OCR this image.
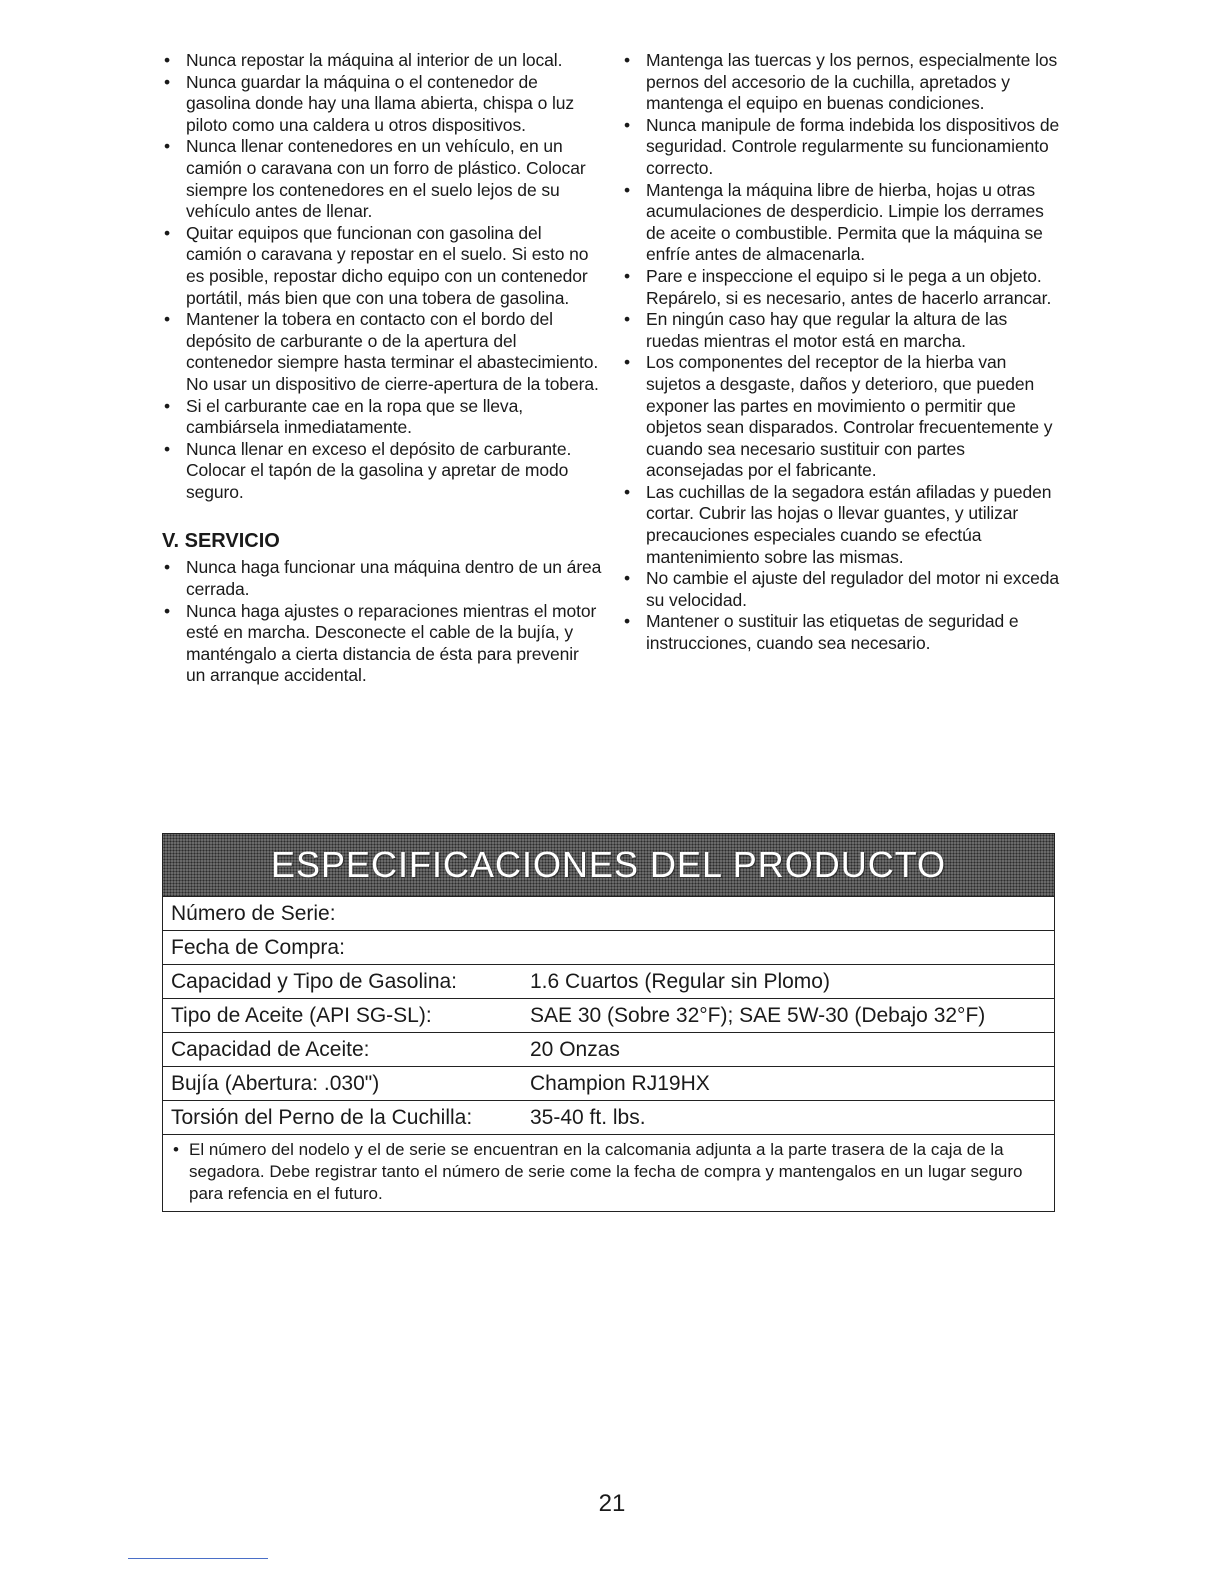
• Nunca repostar la máquina al interior de un local.
• Nunca guardar la máquina o el contenedor de gasolina donde hay una llama abierta, chispa o luz piloto como una caldera u otros dispositivos.
• Nunca llenar contenedores en un vehículo, en un camión o caravana con un forro de plástico. Colocar siempre los contenedores en el suelo lejos de su vehículo antes de llenar.
• Quitar equipos que funcionan con gasolina del camión o caravana y repostar en el suelo. Si esto no es posible, repostar dicho equipo con un contenedor portátil, más bien que con una tobera de gasolina.
• Mantener la tobera en contacto con el bordo del depósito de carburante o de la apertura del contenedor siempre hasta terminar el abastecimiento. No usar un dispositivo de cierre-apertura de la tobera.
• Si el carburante cae en la ropa que se lleva, cambiársela inmediatamente.
• Nunca llenar en exceso el depósito de carburante. Colocar el tapón de la gasolina y apretar de modo seguro.
V. SERVICIO
• Nunca haga funcionar una máquina dentro de un área cerrada.
• Nunca haga ajustes o reparaciones mientras el motor esté en marcha. Desconecte el cable de la bujía, y manténgalo a cierta distancia de ésta para prevenir un arranque accidental.
• Mantenga las tuercas y los pernos, especialmente los pernos del accesorio de la cuchilla, apretados y mantenga el equipo en buenas condiciones.
• Nunca manipule de forma indebida los dispositivos de seguridad. Controle regularmente su funcionamiento correcto.
• Mantenga la máquina libre de hierba, hojas u otras acumulaciones de desperdicio. Limpie los derrames de aceite o combustible. Permita que la máquina se enfríe antes de almacenarla.
• Pare e inspeccione el equipo si le pega a un objeto. Repárelo, si es necesario, antes de hacerlo arrancar.
• En ningún caso hay que regular la altura de las ruedas mientras el motor está en marcha.
• Los componentes del receptor de la hierba van sujetos a desgaste, daños y deterioro, que pueden exponer las partes en movimiento o permitir que objetos sean disparados. Controlar frecuentemente y cuando sea necesario sustituir con partes aconsejadas por el fabricante.
• Las cuchillas de la segadora están afiladas y pueden cortar. Cubrir las hojas o llevar guantes, y utilizar precauciones especiales cuando se efectúa mantenimiento sobre las mismas.
• No cambie el ajuste del regulador del motor ni exceda su velocidad.
• Mantener o sustituir las etiquetas de seguridad e instrucciones, cuando sea necesario.
ESPECIFICACIONES DEL PRODUCTO
Número de Serie:
Fecha de Compra:
Capacidad y Tipo de Gasolina:	1.6 Cuartos (Regular sin Plomo)
Tipo de Aceite (API SG-SL):	SAE 30 (Sobre 32°F); SAE 5W-30 (Debajo 32°F)
Capacidad de Aceite:	20 Onzas
Bujía (Abertura: .030")	Champion RJ19HX
Torsión del Perno de la Cuchilla:	35-40 ft. lbs.
• El número del nodelo y el de serie se encuentran en la calcomania adjunta a la parte trasera de la caja de la segadora. Debe registrar tanto el número de serie come la fecha de compra y mantengalos en un lugar seguro para refencia en el futuro.
21
